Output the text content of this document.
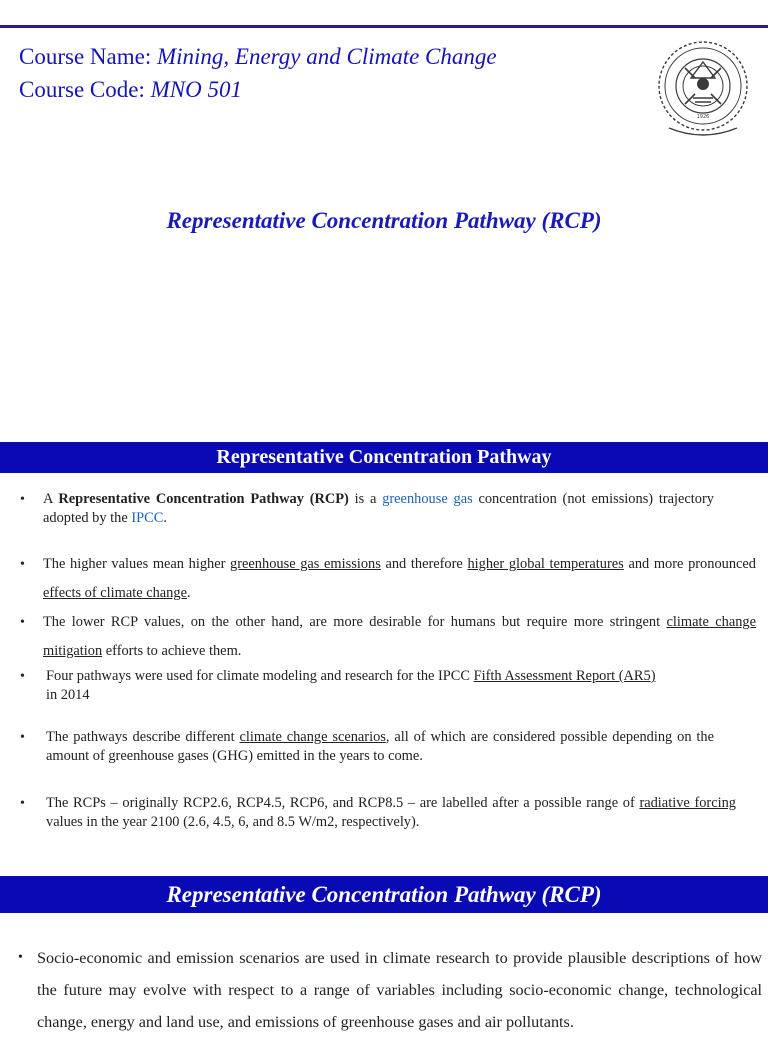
Course Name: Mining, Energy and Climate Change
Course Code: MNO 501
1926
Representative Concentration Pathway (RCP)
Representative Concentration Pathway
• A Representative Concentration Pathway (RCP) is a greenhouse gas concentration (not emissions) trajectory adopted by the IPCC.
• The higher values mean higher greenhouse gas emissions and therefore higher global temperatures and more pronounced effects of climate change.
• The lower RCP values, on the other hand, are more desirable for humans but require more stringent climate change mitigation efforts to achieve them.
• Four pathways were used for climate modeling and research for the IPCC Fifth Assessment Report (AR5)
in 2014
• The pathways describe different climate change scenarios, all of which are considered possible depending on the amount of greenhouse gases (GHG) emitted in the years to come.
• The RCPs – originally RCP2.6, RCP4.5, RCP6, and RCP8.5 – are labelled after a possible range of radiative forcing values in the year 2100 (2.6, 4.5, 6, and 8.5 W/m2, respectively).
Representative Concentration Pathway (RCP)
• Socio-economic and emission scenarios are used in climate research to provide plausible descriptions of how the future may evolve with respect to a range of variables including socio-economic change, technological change, energy and land use, and emissions of greenhouse gases and air pollutants.
